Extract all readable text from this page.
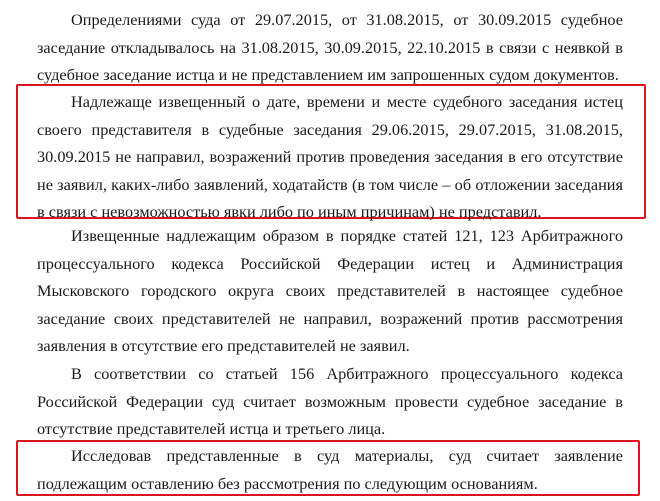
Определениями суда от 29.07.2015, от 31.08.2015, от 30.09.2015 судебное заседание откладывалось на 31.08.2015, 30.09.2015, 22.10.2015 в связи с неявкой в судебное заседание истца и не представлением им запрошенных судом документов.

Надлежаще извещенный о дате, времени и месте судебного заседания истец своего представителя в судебные заседания 29.06.2015, 29.07.2015, 31.08.2015, 30.09.2015 не направил, возражений против проведения заседания в его отсутствие не заявил, каких-либо заявлений, ходатайств (в том числе – об отложении заседания в связи с невозможностью явки либо по иным причинам) не представил.

Извещенные надлежащим образом в порядке статей 121, 123 Арбитражного процессуального кодекса Российской Федерации истец и Администрация Мысковского городского округа своих представителей в настоящее судебное заседание своих представителей не направил, возражений против рассмотрения заявления в отсутствие его представителей не заявил.

В соответствии со статьей 156 Арбитражного процессуального кодекса Российской Федерации суд считает возможным провести судебное заседание в отсутствие представителей истца и третьего лица.

Исследовав представленные в суд материалы, суд считает заявление подлежащим оставлению без рассмотрения по следующим основаниям.
